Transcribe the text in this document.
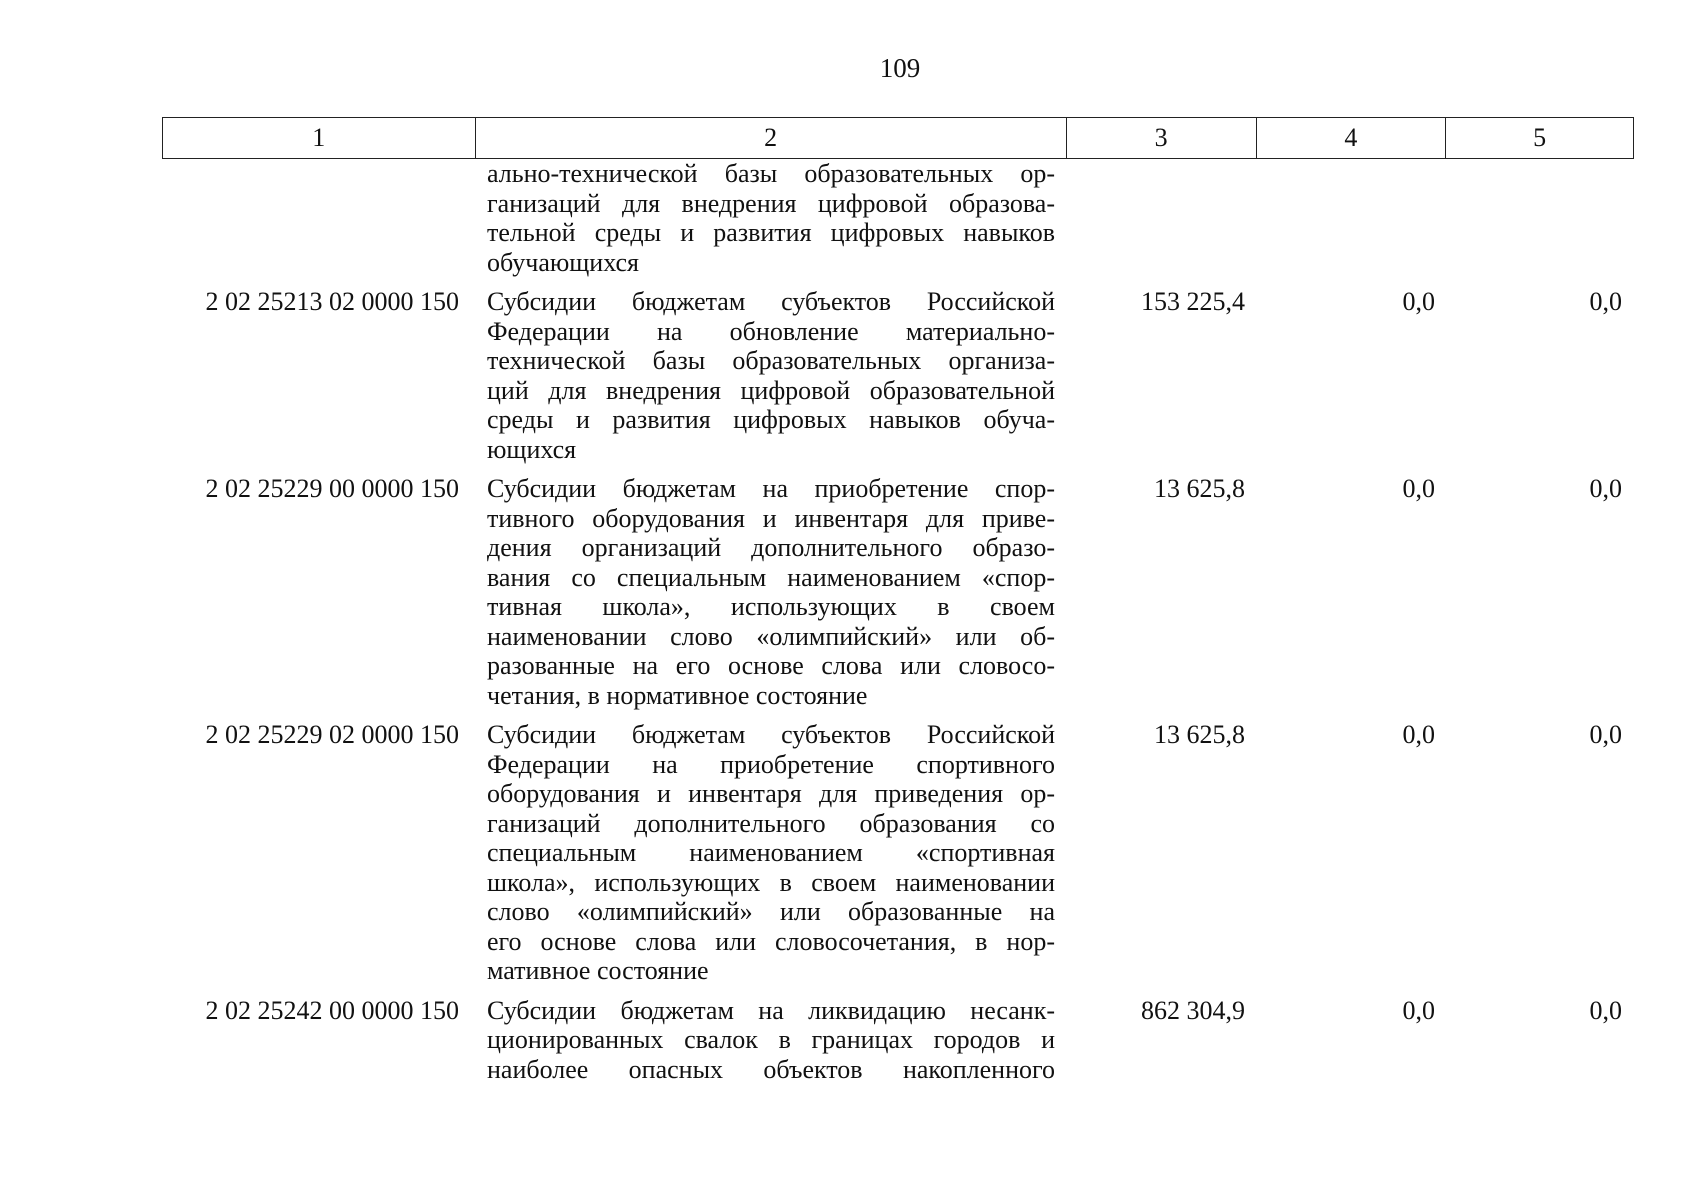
109
1	2	3	4	5
ально-технической базы образовательных ор-
ганизаций для внедрения цифровой образова-
тельной среды и развития цифровых навыков
обучающихся
2 02 25213 02 0000 150	Субсидии бюджетам субъектов Российской
Федерации на обновление материально-
технической базы образовательных организа-
ций для внедрения цифровой образовательной
среды и развития цифровых навыков обуча-
ющихся
153 225,4	0,0	0,0
2 02 25229 00 0000 150	Субсидии бюджетам на приобретение спор-
тивного оборудования и инвентаря для приве-
дения организаций дополнительного образо-
вания со специальным наименованием «спор-
тивная школа», использующих в своем
наименовании слово «олимпийский» или об-
разованные на его основе слова или словосо-
четания, в нормативное состояние
13 625,8	0,0	0,0
2 02 25229 02 0000 150	Субсидии бюджетам субъектов Российской
Федерации на приобретение спортивного
оборудования и инвентаря для приведения ор-
ганизаций дополнительного образования со
специальным наименованием «спортивная
школа», использующих в своем наименовании
слово «олимпийский» или образованные на
его основе слова или словосочетания, в нор-
мативное состояние
13 625,8	0,0	0,0
2 02 25242 00 0000 150	Субсидии бюджетам на ликвидацию несанк-
ционированных свалок в границах городов и
наиболее опасных объектов накопленного
862 304,9	0,0	0,0
